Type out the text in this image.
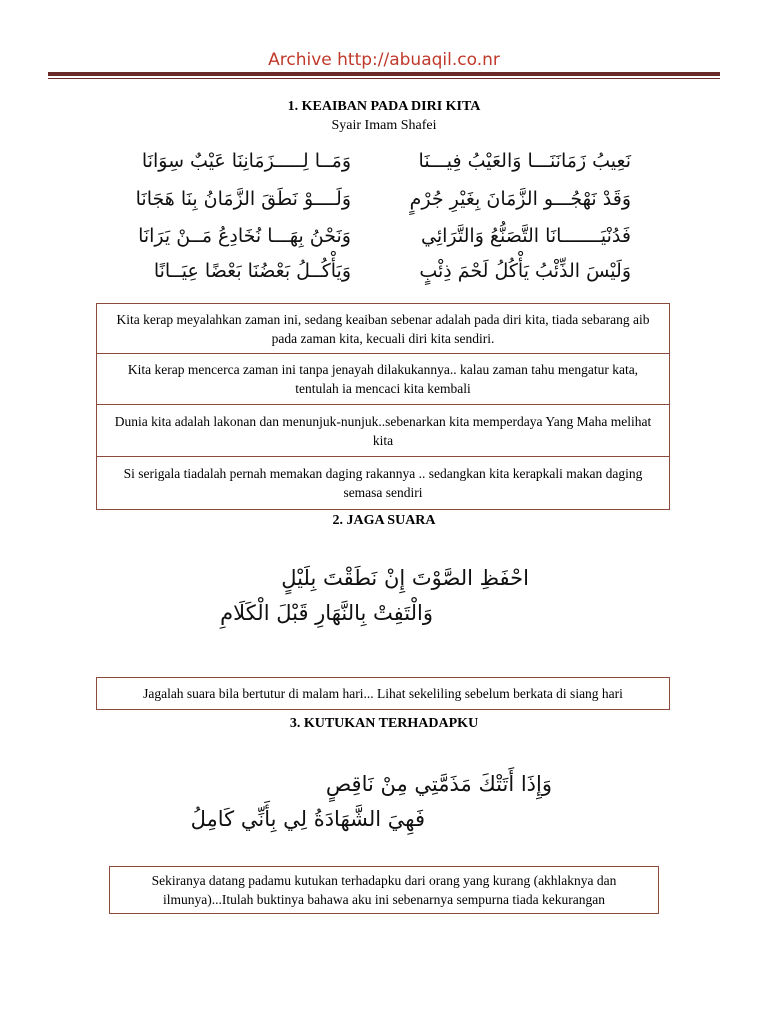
Archive http://abuaqil.co.nr
1. KEAIBAN PADA DIRI KITA
Syair Imam Shafei
نَعِيبُ زَمَانَنَـــا وَالعَيْبُ فِيـــنَا
وَمَــا لِـــــزَمَانِنَا عَيْبٌ سِوَانَا
وَقَدْ نَهْجُـــو الزَّمَانَ بِغَيْرِ جُرْمٍ
وَلَــــوْ نَطَقَ الزَّمَانُ بِنَا هَجَانَا
فَدُنْيَـــــــانَا التَّصَنُّعُ وَالتَّرَائِي
وَنَحْنُ بِهَـــا نُخَادِعُ مَــنْ يَرَانَا
وَلَيْسَ الذِّئْبُ يَأْكُلُ لَحْمَ ذِئْبٍ
وَيَأْكُــلُ بَعْضُنَا بَعْضًا عِيَــانًا
Kita kerap meyalahkan zaman ini, sedang keaiban sebenar adalah pada diri kita, tiada sebarang aib pada zaman kita, kecuali diri kita sendiri.
Kita kerap mencerca zaman ini tanpa jenayah dilakukannya.. kalau zaman tahu mengatur kata, tentulah ia mencaci kita kembali
Dunia kita adalah lakonan dan menunjuk-nunjuk..sebenarkan kita memperdaya Yang Maha melihat kita
Si serigala tiadalah pernah memakan daging rakannya .. sedangkan kita kerapkali makan daging semasa sendiri
2. JAGA SUARA
احْفَظِ الصَّوْتَ إِنْ نَطَقْتَ بِلَيْلٍ
وَالْتَفِتْ بِالنَّهَارِ قَبْلَ الْكَلَامِ
Jagalah suara bila bertutur di malam hari... Lihat sekeliling sebelum berkata di siang hari
3. KUTUKAN TERHADAPKU
وَإِذَا أَتَتْكَ مَذَمَّتِي مِنْ نَاقِصٍ
فَهِيَ الشَّهَادَةُ لِي بِأَنِّي كَامِلُ
Sekiranya datang padamu kutukan terhadapku dari orang yang kurang (akhlaknya dan ilmunya)...Itulah buktinya bahawa aku ini sebenarnya sempurna tiada kekurangan
